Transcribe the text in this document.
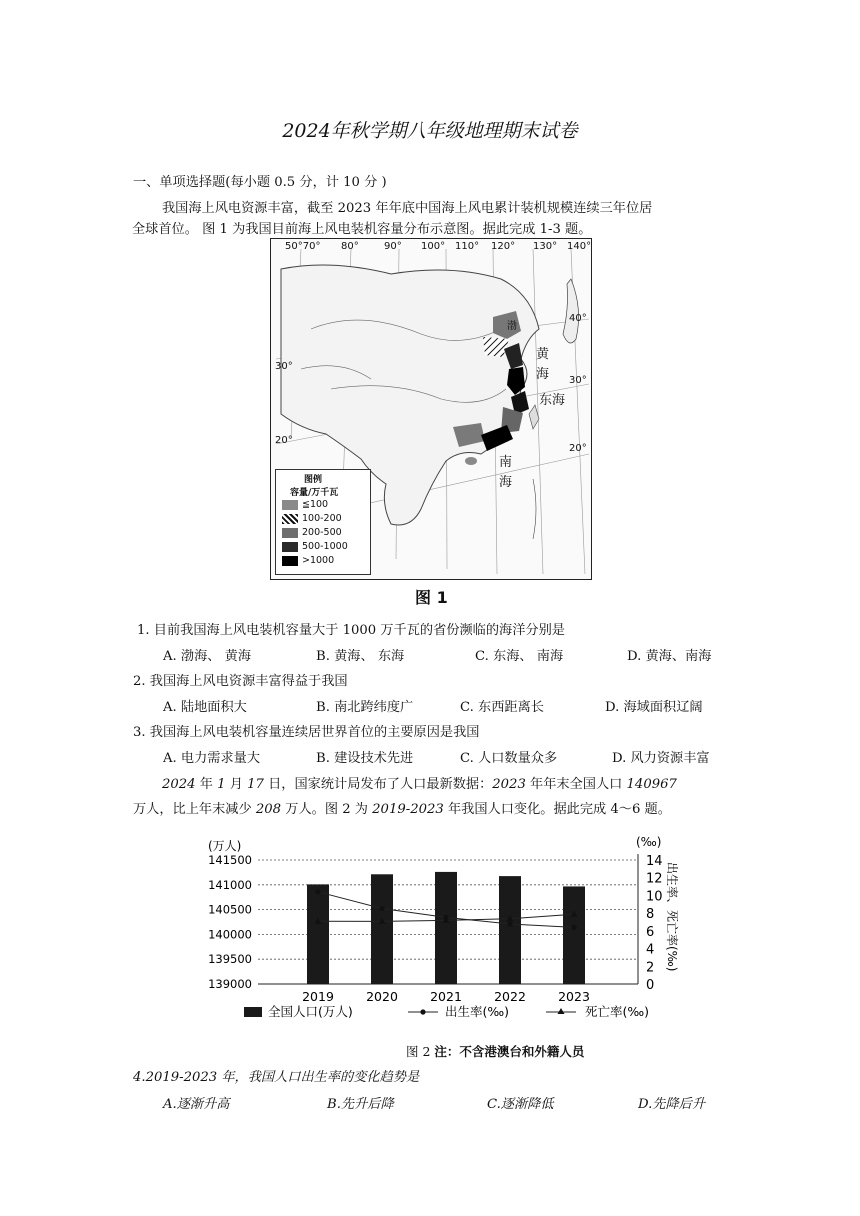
2024年秋学期八年级地理期末试卷
一、单项选择题(每小题 0.5 分，计 10 分 )
我国海上风电资源丰富，截至 2023 年年底中国海上风电累计装机规模连续三年位居
全球首位。 图 1 为我国目前海上风电装机容量分布示意图。据此完成 1-3 题。
50°70° 80°	90° 100° 110° 120° 130° 140°
40°
30°
20°
30°
20°
渤
黄
海
东海
南
海
图例
容量/万千瓦
≦100
100-200
200-500
500-1000
>1000
图 1
1. 目前我国海上风电装机容量大于 1000 万千瓦的省份濒临的海洋分别是
A. 渤海、 黄海	B. 黄海、 东海	C. 东海、 南海	D. 黄海、南海
2. 我国海上风电资源丰富得益于我国
A. 陆地面积大	B. 南北跨纬度广	C. 东西距离长	D. 海域面积辽阔
3. 我国海上风电装机容量连续居世界首位的主要原因是我国
A. 电力需求量大	B. 建设技术先进	C. 人口数量众多	D. 风力资源丰富
2024 年 1 月 17 日，国家统计局发布了人口最新数据：2023 年年末全国人口 140967
万人，比上年末减少 208 万人。图 2 为 2019-2023 年我国人口变化。据此完成 4～6 题。
(万人)	(‰)
141500
141000
140500
140000
139500
139000
14
12
10
8
6
4
2
0
出生率、死亡率(‰)
2019	2020	2021	2022	2023
全国人口(万人)	出生率(‰)	死亡率(‰)
图 2 注：不含港澳台和外籍人员
4.2019-2023 年，我国人口出生率的变化趋势是
A.逐渐升高	B.先升后降	C.逐渐降低	D.先降后升
